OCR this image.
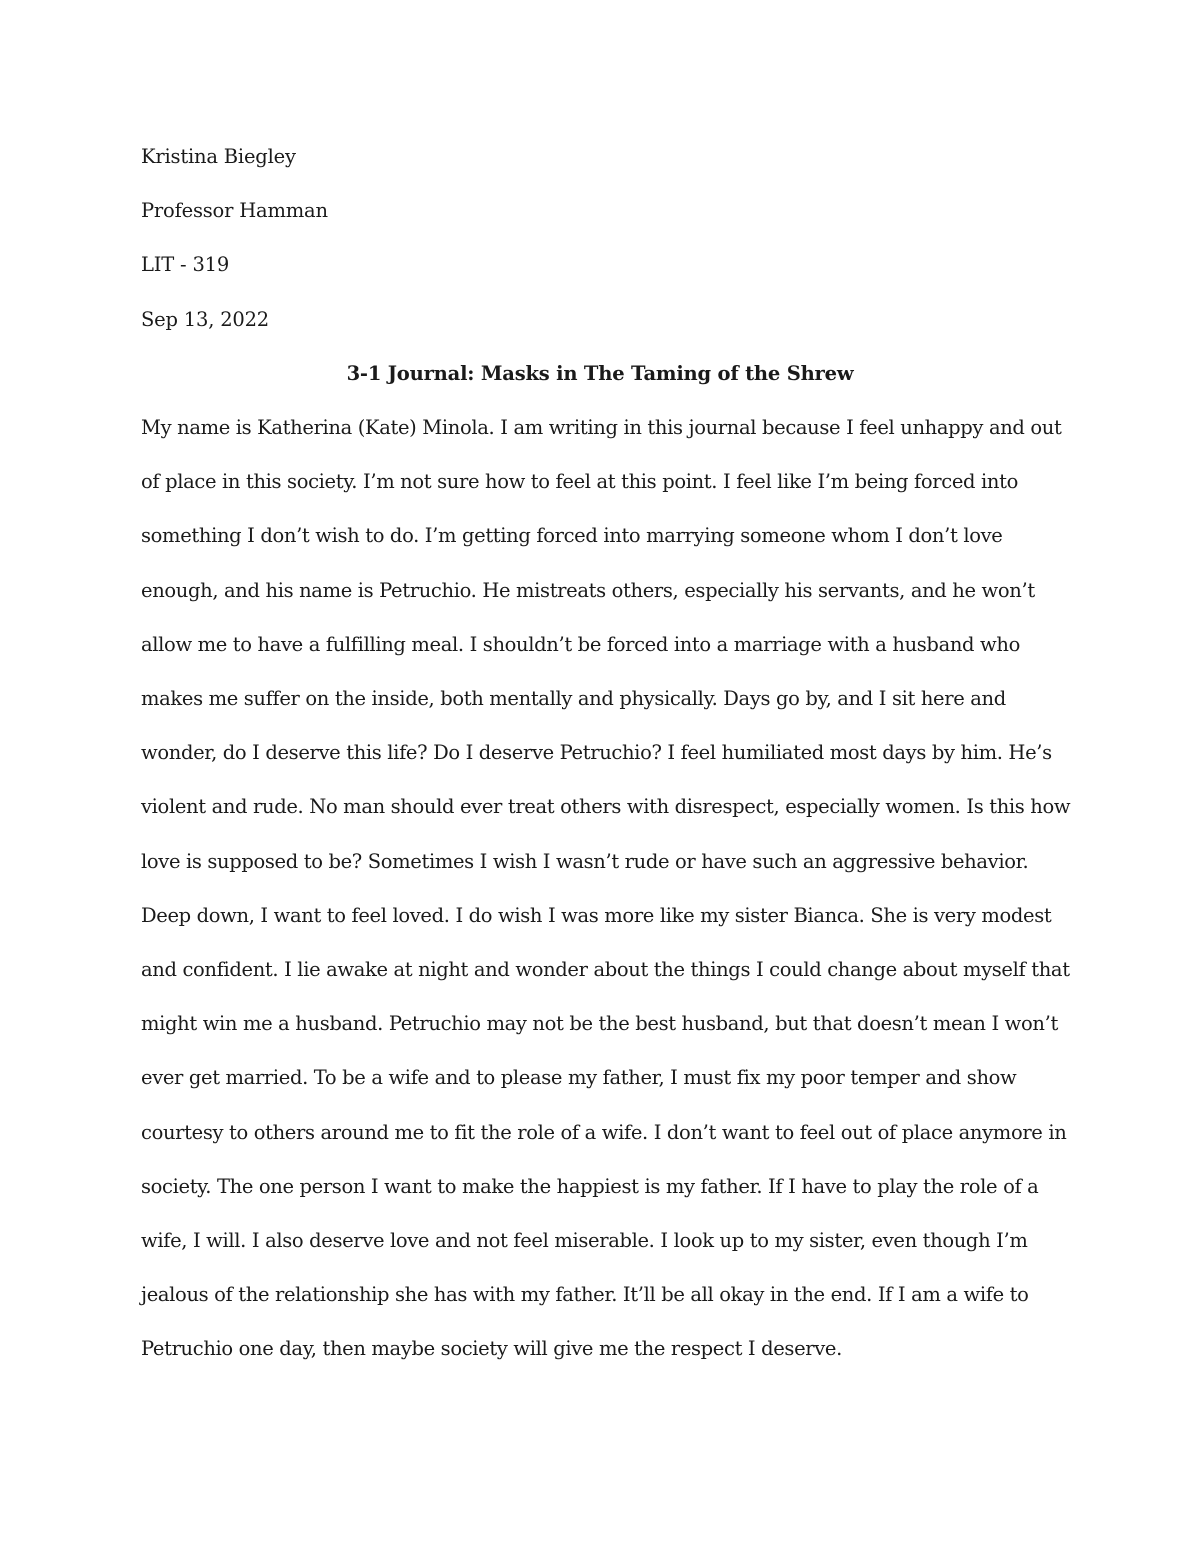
Kristina Biegley
Professor Hamman
LIT - 319
Sep 13, 2022
3-1 Journal: Masks in The Taming of the Shrew
My name is Katherina (Kate) Minola. I am writing in this journal because I feel unhappy and out
of place in this society. I’m not sure how to feel at this point. I feel like I’m being forced into
something I don’t wish to do. I’m getting forced into marrying someone whom I don’t love
enough, and his name is Petruchio. He mistreats others, especially his servants, and he won’t
allow me to have a fulfilling meal. I shouldn’t be forced into a marriage with a husband who
makes me suffer on the inside, both mentally and physically. Days go by, and I sit here and
wonder, do I deserve this life? Do I deserve Petruchio? I feel humiliated most days by him. He’s
violent and rude. No man should ever treat others with disrespect, especially women. Is this how
love is supposed to be? Sometimes I wish I wasn’t rude or have such an aggressive behavior.
Deep down, I want to feel loved. I do wish I was more like my sister Bianca. She is very modest
and confident. I lie awake at night and wonder about the things I could change about myself that
might win me a husband. Petruchio may not be the best husband, but that doesn’t mean I won’t
ever get married. To be a wife and to please my father, I must fix my poor temper and show
courtesy to others around me to fit the role of a wife. I don’t want to feel out of place anymore in
society. The one person I want to make the happiest is my father. If I have to play the role of a
wife, I will. I also deserve love and not feel miserable. I look up to my sister, even though I’m
jealous of the relationship she has with my father. It’ll be all okay in the end. If I am a wife to
Petruchio one day, then maybe society will give me the respect I deserve.
